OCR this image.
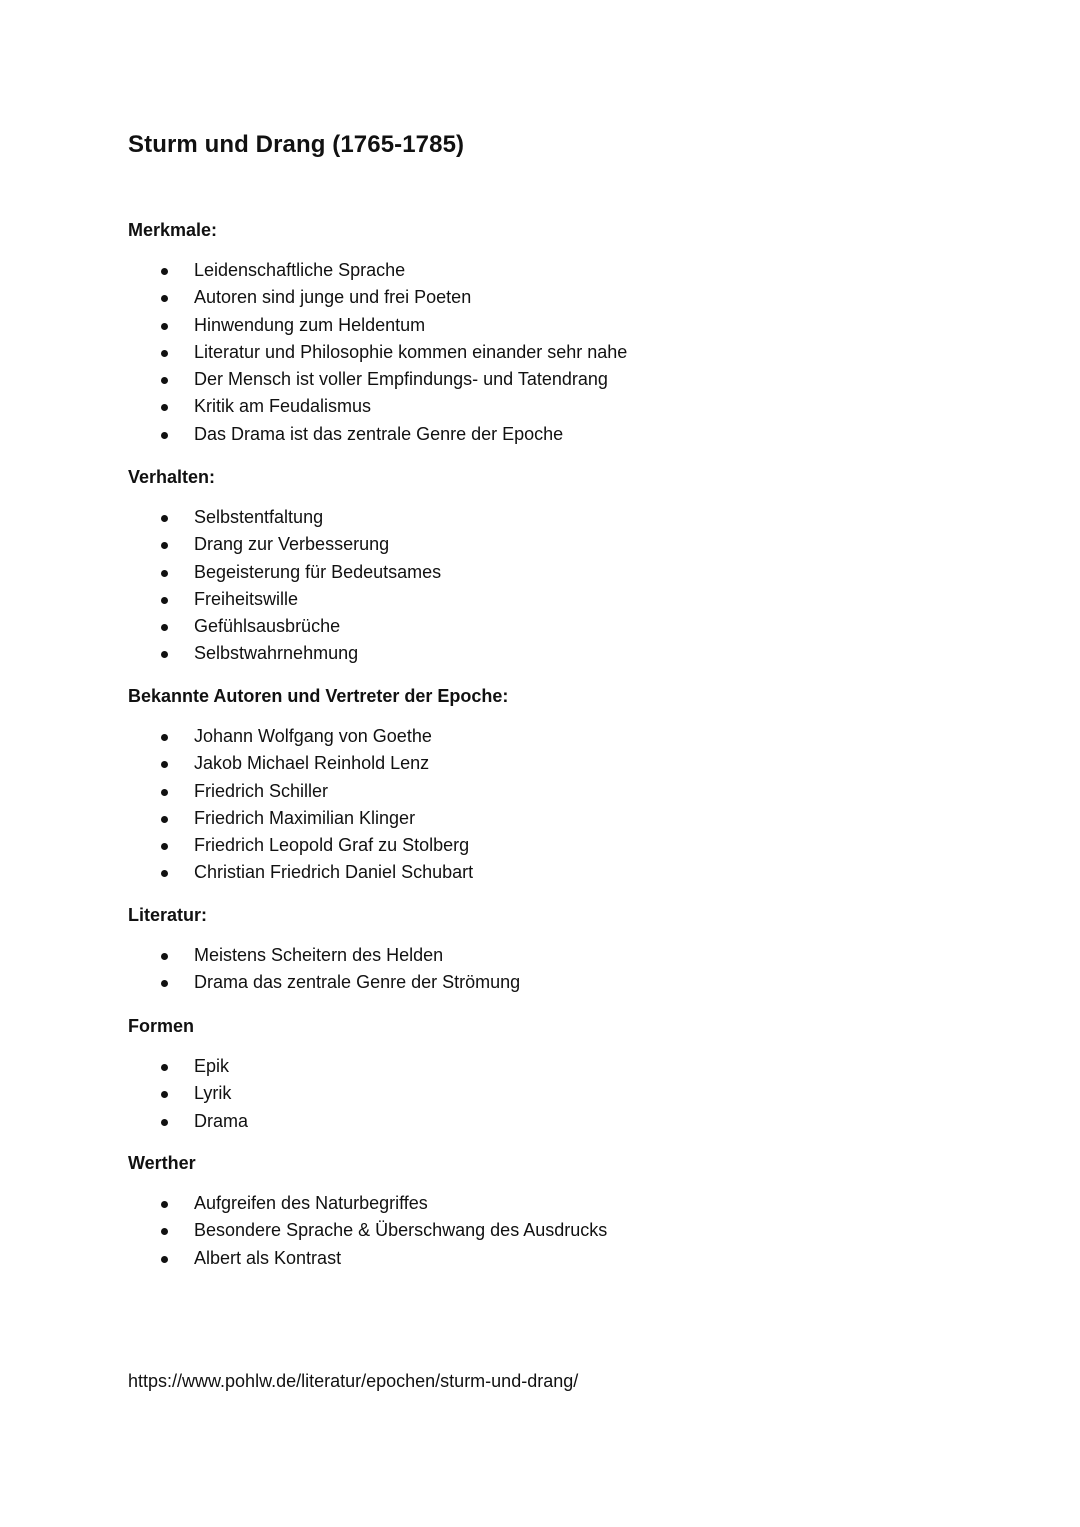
Sturm und Drang (1765-1785)
Merkmale:
Leidenschaftliche Sprache
Autoren sind junge und frei Poeten
Hinwendung zum Heldentum
Literatur und Philosophie kommen einander sehr nahe
Der Mensch ist voller Empfindungs- und Tatendrang
Kritik am Feudalismus
Das Drama ist das zentrale Genre der Epoche
Verhalten:
Selbstentfaltung
Drang zur Verbesserung
Begeisterung für Bedeutsames
Freiheitswille
Gefühlsausbrüche
Selbstwahrnehmung
Bekannte Autoren und Vertreter der Epoche:
Johann Wolfgang von Goethe
Jakob Michael Reinhold Lenz
Friedrich Schiller
Friedrich Maximilian Klinger
Friedrich Leopold Graf zu Stolberg
Christian Friedrich Daniel Schubart
Literatur:
Meistens Scheitern des Helden
Drama das zentrale Genre der Strömung
Formen
Epik
Lyrik
Drama
Werther
Aufgreifen des Naturbegriffes
Besondere Sprache & Überschwang des Ausdrucks
Albert als Kontrast
https://www.pohlw.de/literatur/epochen/sturm-und-drang/
